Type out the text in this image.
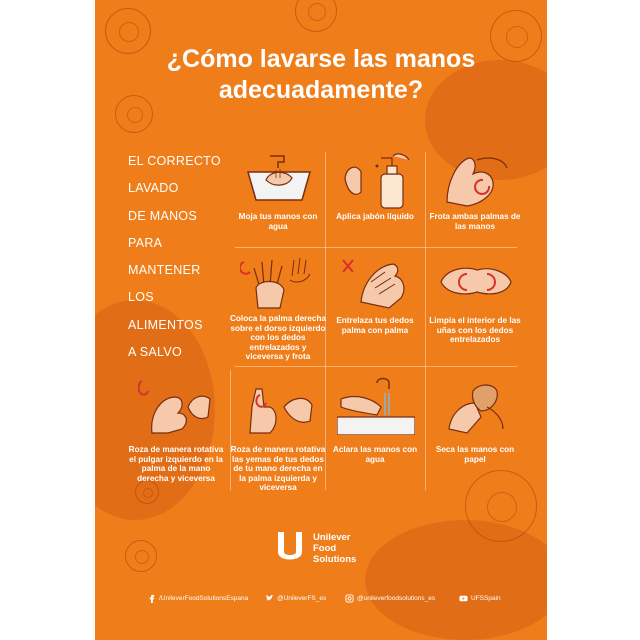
¿Cómo lavarse las manos
adecuadamente?
EL CORRECTO
LAVADO
DE MANOS
PARA
MANTENER
LOS
ALIMENTOS
A SALVO
Moja tus manos con agua
Aplica jabón líquido	Frota ambas palmas de las manos
Coloca la palma derecha sobre el dorso izquierdo con los dedos entrelazados y viceversa y frota
Entrelaza tus dedos palma con palma
Limpia el interior de las uñas con los dedos entrelazados
Roza de manera rotativa el pulgar izquierdo en la palma de la mano derecha y viceversa
Roza de manera rotativa las yemas de tus dedos de tu mano derecha en la palma izquierda y viceversa
Aclara las manos con agua
Seca las manos con papel
Unilever
Food
Solutions
/UnileverFoodSolutionsEspana	@UnileverFS_es	@unileverfoodsolutions_es	UFSSpain
